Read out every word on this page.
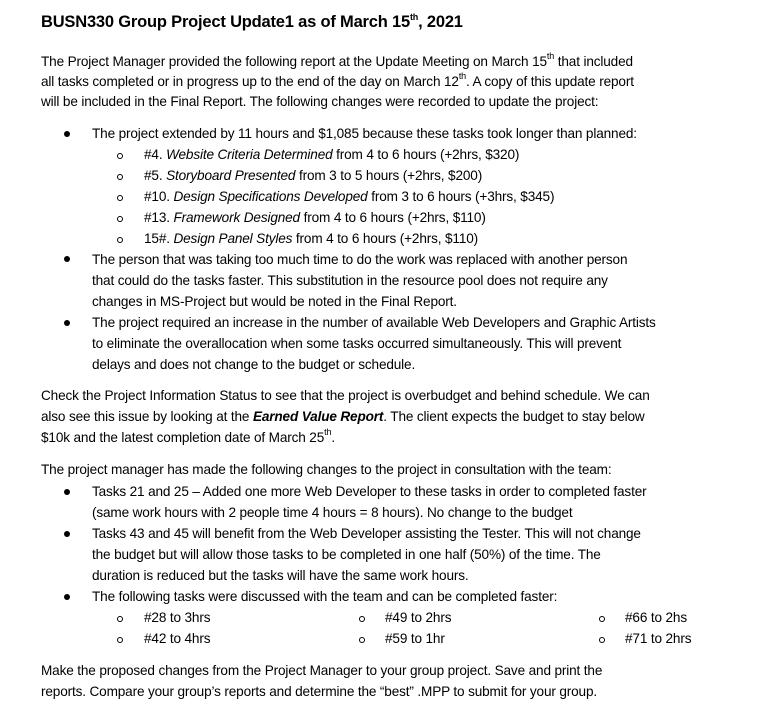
BUSN330 Group Project Update1 as of March 15th, 2021
The Project Manager provided the following report at the Update Meeting on March 15th that included
all tasks completed or in progress up to the end of the day on March 12th. A copy of this update report
will be included in the Final Report. The following changes were recorded to update the project:
The project extended by 11 hours and $1,085 because these tasks took longer than planned:
#4. Website Criteria Determined from 4 to 6 hours (+2hrs, $320)
#5. Storyboard Presented from 3 to 5 hours (+2hrs, $200)
#10. Design Specifications Developed from 3 to 6 hours (+3hrs, $345)
#13. Framework Designed from 4 to 6 hours (+2hrs, $110)
15#. Design Panel Styles from 4 to 6 hours (+2hrs, $110)
The person that was taking too much time to do the work was replaced with another person
that could do the tasks faster. This substitution in the resource pool does not require any
changes in MS-Project but would be noted in the Final Report.
The project required an increase in the number of available Web Developers and Graphic Artists
to eliminate the overallocation when some tasks occurred simultaneously. This will prevent
delays and does not change to the budget or schedule.
Check the Project Information Status to see that the project is overbudget and behind schedule. We can
also see this issue by looking at the Earned Value Report. The client expects the budget to stay below
$10k and the latest completion date of March 25th.
The project manager has made the following changes to the project in consultation with the team:
Tasks 21 and 25 – Added one more Web Developer to these tasks in order to completed faster
(same work hours with 2 people time 4 hours = 8 hours). No change to the budget
Tasks 43 and 45 will benefit from the Web Developer assisting the Tester. This will not change
the budget but will allow those tasks to be completed in one half (50%) of the time. The
duration is reduced but the tasks will have the same work hours.
The following tasks were discussed with the team and can be completed faster:
#28 to 3hrs	#49 to 2hrs	#66 to 2hs
#42 to 4hrs	#59 to 1hr	#71 to 2hrs
Make the proposed changes from the Project Manager to your group project. Save and print the
reports. Compare your group’s reports and determine the “best” .MPP to submit for your group.
